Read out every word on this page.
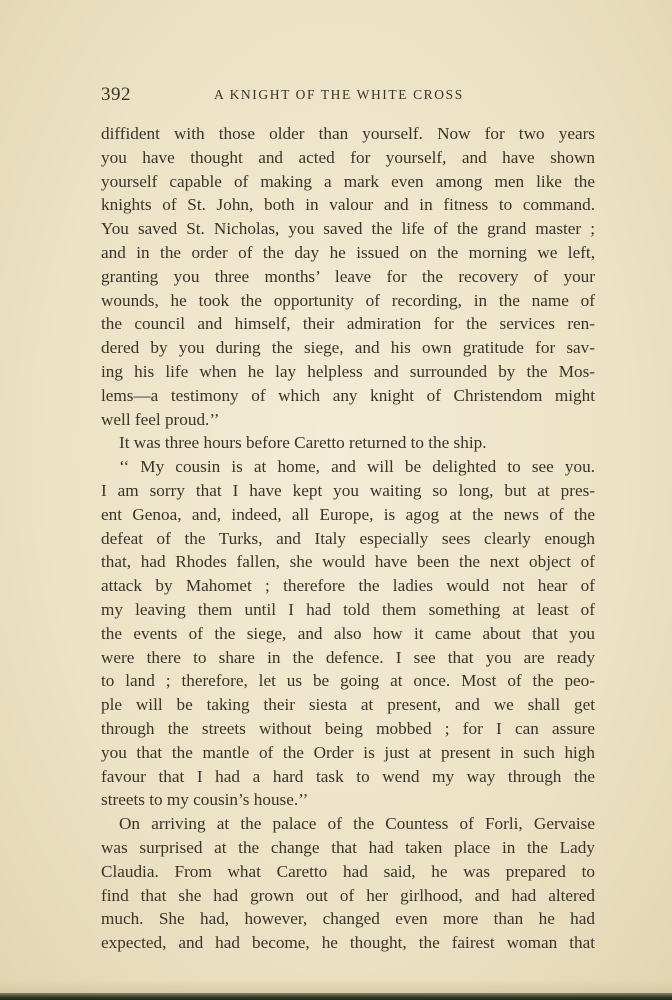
392	A KNIGHT OF THE WHITE CROSS
diffident with those older than yourself. Now for two years
you have thought and acted for yourself, and have shown
yourself capable of making a mark even among men like the
knights of St. John, both in valour and in fitness to command.
You saved St. Nicholas, you saved the life of the grand master ;
and in the order of the day he issued on the morning we left,
granting you three months’ leave for the recovery of your
wounds, he took the opportunity of recording, in the name of
the council and himself, their admiration for the services ren-
dered by you during the siege, and his own gratitude for sav-
ing his life when he lay helpless and surrounded by the Mos-
lems—a testimony of which any knight of Christendom might
well feel proud.’’
It was three hours before Caretto returned to the ship.
‘‘ My cousin is at home, and will be delighted to see you.
I am sorry that I have kept you waiting so long, but at pres-
ent Genoa, and, indeed, all Europe, is agog at the news of the
defeat of the Turks, and Italy especially sees clearly enough
that, had Rhodes fallen, she would have been the next object of
attack by Mahomet ; therefore the ladies would not hear of
my leaving them until I had told them something at least of
the events of the siege, and also how it came about that you
were there to share in the defence. I see that you are ready
to land ; therefore, let us be going at once. Most of the peo-
ple will be taking their siesta at present, and we shall get
through the streets without being mobbed ; for I can assure
you that the mantle of the Order is just at present in such high
favour that I had a hard task to wend my way through the
streets to my cousin’s house.’’
On arriving at the palace of the Countess of Forli, Gervaise
was surprised at the change that had taken place in the Lady
Claudia. From what Caretto had said, he was prepared to
find that she had grown out of her girlhood, and had altered
much. She had, however, changed even more than he had
expected, and had become, he thought, the fairest woman that
